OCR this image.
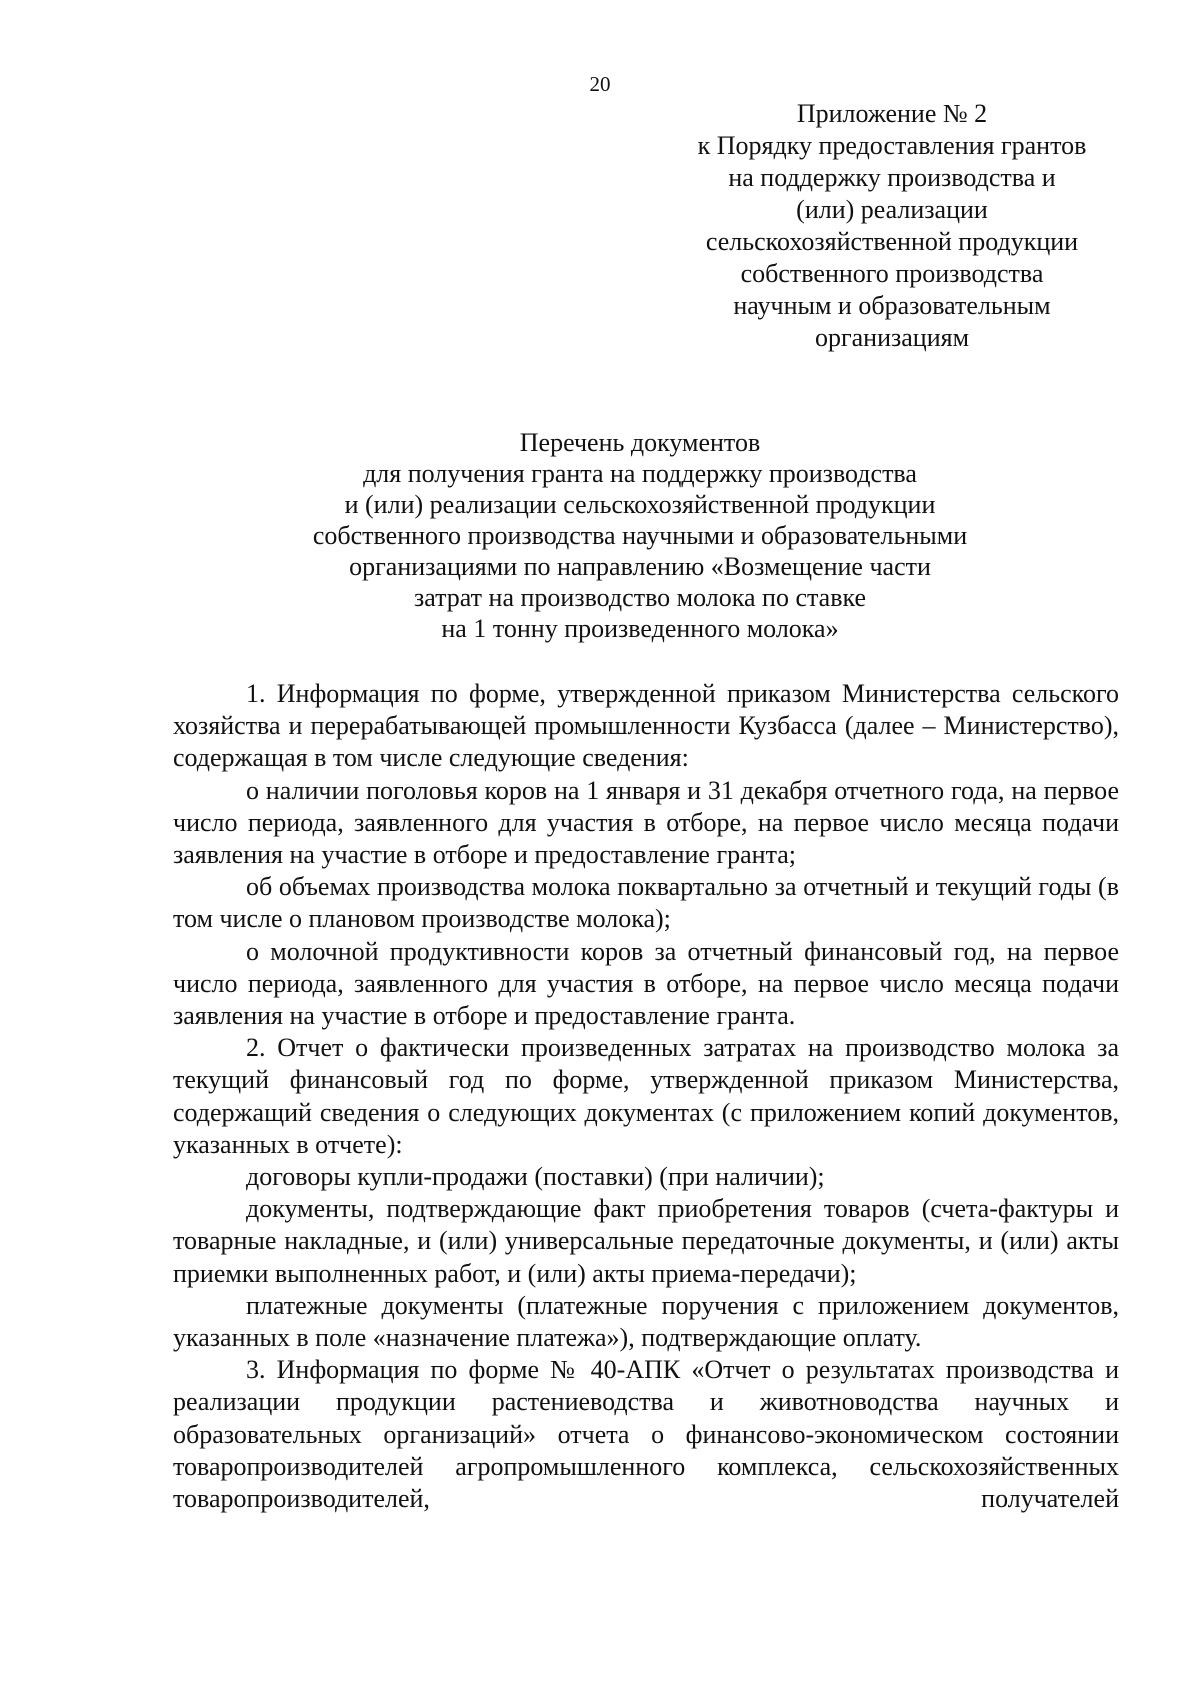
20
Приложение № 2
к Порядку предоставления грантов
на поддержку производства и
(или) реализации
сельскохозяйственной продукции
собственного производства
научным и образовательным
организациям
Перечень документов
для получения гранта на поддержку производства
и (или) реализации сельскохозяйственной продукции
собственного производства научными и образовательными
организациями по направлению «Возмещение части
затрат на производство молока по ставке
на 1 тонну произведенного молока»

1. Информация по форме, утвержденной приказом Министерства сельского хозяйства и перерабатывающей промышленности Кузбасса (далее – Министерство), содержащая в том числе следующие сведения:

о наличии поголовья коров на 1 января и 31 декабря отчетного года, на первое число периода, заявленного для участия в отборе, на первое число месяца подачи заявления на участие в отборе и предоставление гранта;

об объемах производства молока поквартально за отчетный и текущий годы (в том числе о плановом производстве молока);

о молочной продуктивности коров за отчетный финансовый год, на первое число периода, заявленного для участия в отборе, на первое число месяца подачи заявления на участие в отборе и предоставление гранта.

2. Отчет о фактически произведенных затратах на производство молока за текущий финансовый год по форме, утвержденной приказом Министерства, содержащий сведения о следующих документах (с приложением копий документов, указанных в отчете):

договоры купли-продажи (поставки) (при наличии);

документы, подтверждающие факт приобретения товаров (счета-фактуры и товарные накладные, и (или) универсальные передаточные документы, и (или) акты приемки выполненных работ, и (или) акты приема-передачи);

платежные документы (платежные поручения с приложением документов, указанных в поле «назначение платежа»), подтверждающие оплату.

3. Информация по форме № 40-АПК «Отчет о результатах производства и реализации продукции растениеводства и животноводства научных и образовательных организаций» отчета о финансово-экономическом состоянии товаропроизводителей агропромышленного комплекса, сельскохозяйственных товаропроизводителей, получателей
